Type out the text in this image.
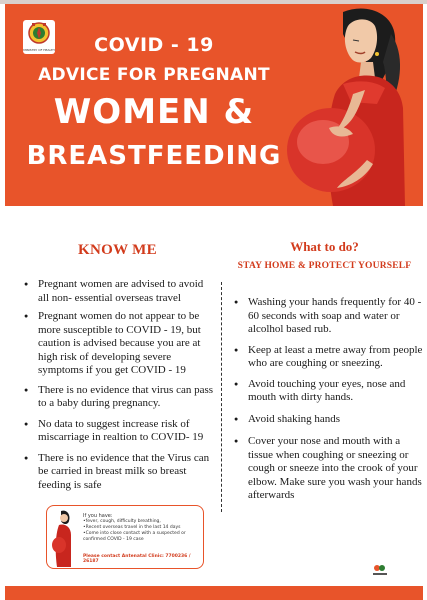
MINISTRY OF HEALTH	COVID - 19
ADVICE FOR PREGNANT
WOMEN &
BREASTFEEDING
KNOW ME
● Pregnant women are advised to avoid all non- essential overseas travel
● Pregnant women do not appear to be more susceptible to COVID - 19, but caution is advised because you are at high risk of developing severe symptoms if you get COVID - 19
● There is no evidence that virus can pass to a baby during pregnancy.
● No data to suggest increase risk of miscarriage in realtion to COVID- 19
● There is no evidence that the Virus can be carried in breast milk so breast feeding is safe
What to do?
STAY HOME & PROTECT YOURSELF
● Washing your hands frequently for 40 - 60 seconds with soap and water or alcolhol based rub.
● Keep at least a metre away from people who are coughing or sneezing.
● Avoid touching your eyes, nose and mouth with dirty hands.
● Avoid shaking hands
● Cover your nose and mouth with a tissue when coughing or sneezing or cough or sneeze into the crook of your elbow. Make sure you wash your hands afterwards
If you have:
• fever, cough, difficulty breathing,
• Recent overseas travel in the last 14 days
• Come into close contact with a suspected or confirmed COVID - 19 case
Please contact Antenatal Clinic: 7700236 / 26187
